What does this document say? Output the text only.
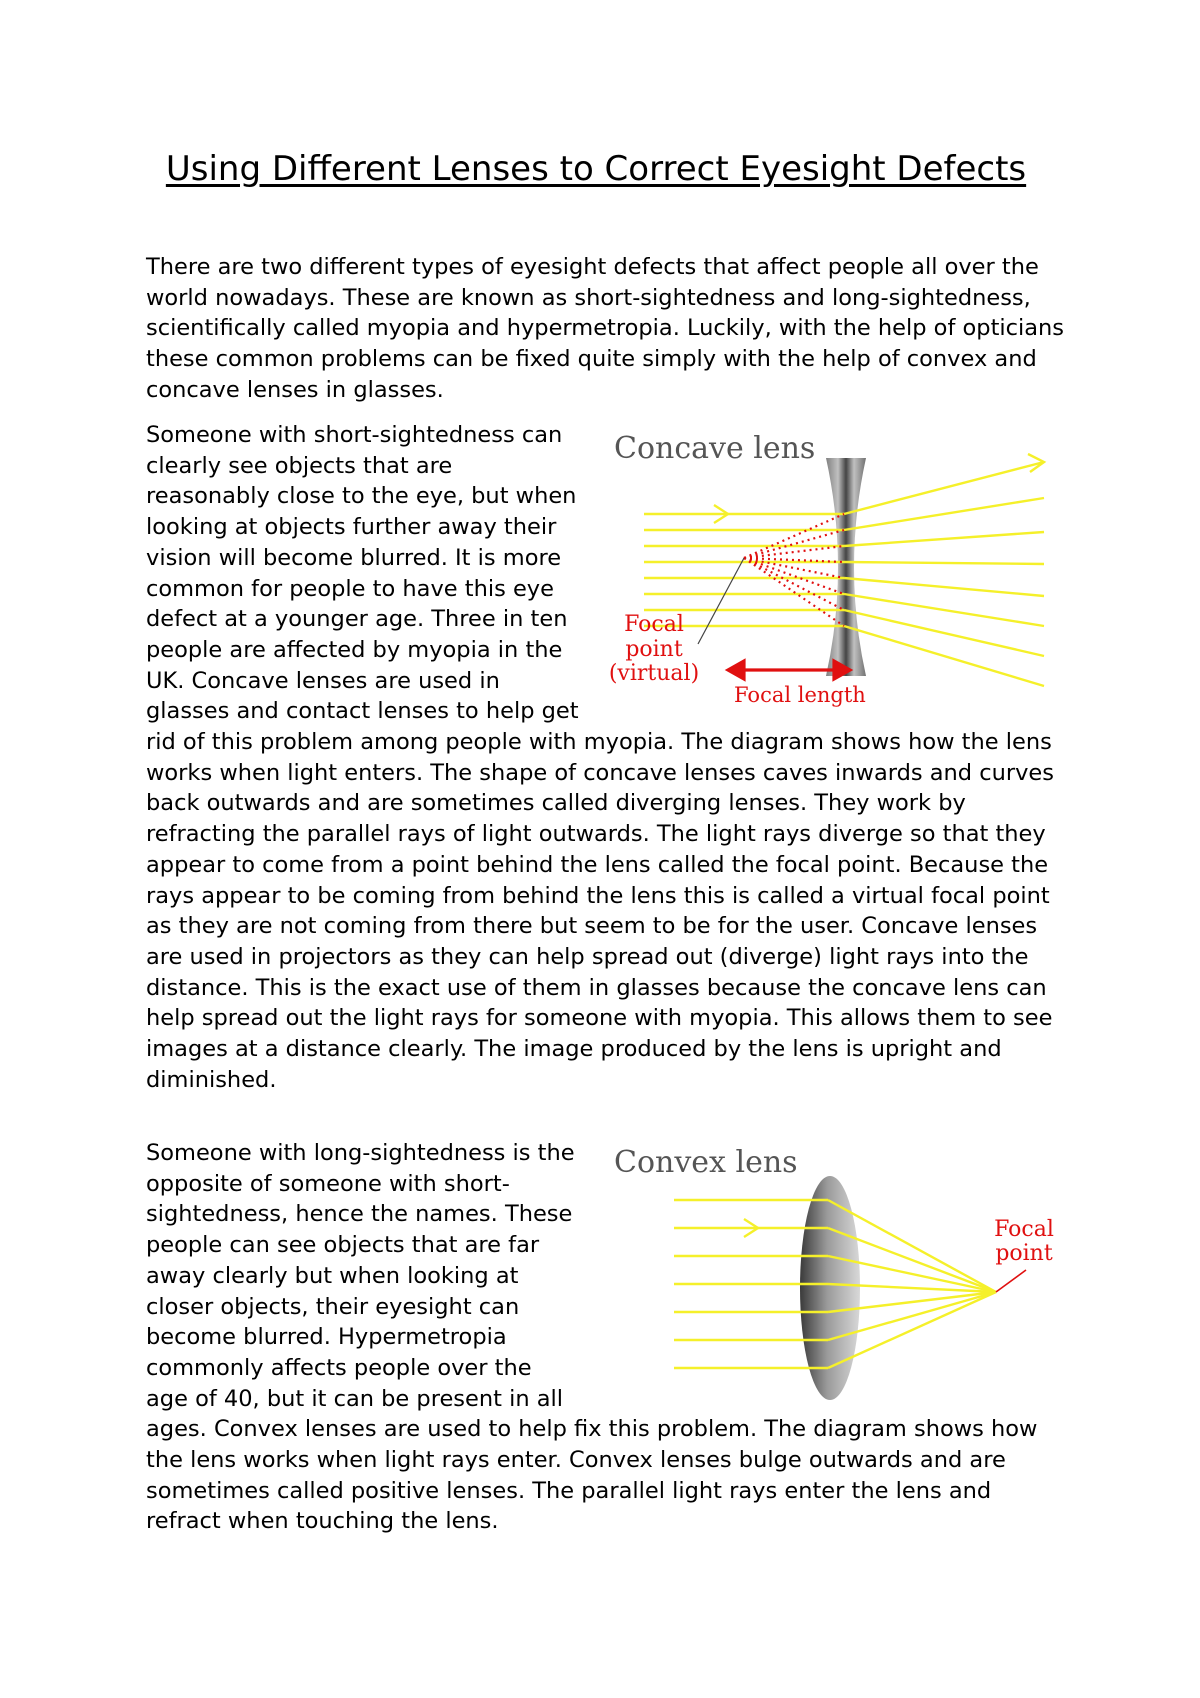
Using Different Lenses to Correct Eyesight Defects

There are two different types of eyesight defects that affect people all over the world nowadays. These are known as short-sightedness and long-sightedness, scientifically called myopia and hypermetropia. Luckily, with the help of opticians these common problems can be fixed quite simply with the help of convex and concave lenses in glasses.

Concave lens
Focal
point
(virtual)
Focal length

Someone with short-sightedness can clearly see objects that are reasonably close to the eye, but when looking at objects further away their vision will become blurred. It is more common for people to have this eye defect at a younger age. Three in ten people are affected by myopia in the UK. Concave lenses are used in glasses and contact lenses to help get rid of this problem among people with myopia. The diagram shows how the lens works when light enters. The shape of concave lenses caves inwards and curves back outwards and are sometimes called diverging lenses. They work by refracting the parallel rays of light outwards. The light rays diverge so that they appear to come from a point behind the lens called the focal point. Because the rays appear to be coming from behind the lens this is called a virtual focal point as they are not coming from there but seem to be for the user. Concave lenses are used in projectors as they can help spread out (diverge) light rays into the distance. This is the exact use of them in glasses because the concave lens can help spread out the light rays for someone with myopia. This allows them to see images at a distance clearly. The image produced by the lens is upright and diminished.

Convex lens
Focal
point

Someone with long-sightedness is the opposite of someone with short-sightedness, hence the names. These people can see objects that are far away clearly but when looking at closer objects, their eyesight can become blurred. Hypermetropia commonly affects people over the age of 40, but it can be present in all ages. Convex lenses are used to help fix this problem. The diagram shows how the lens works when light rays enter. Convex lenses bulge outwards and are sometimes called positive lenses. The parallel light rays enter the lens and refract when touching the lens.
